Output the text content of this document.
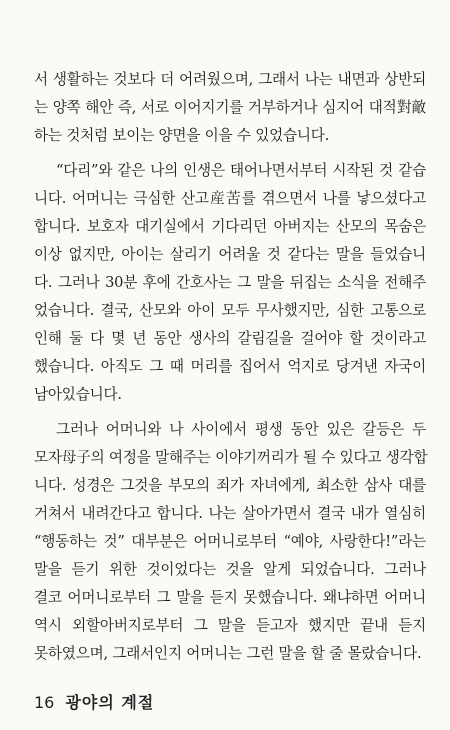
서 생활하는 것보다 더 어려웠으며, 그래서 나는 내면과 상반되
는 양쪽 해안 즉, 서로 이어지기를 거부하거나 심지어 대적對敵
하는 것처럼 보이는 양면을 이을 수 있었습니다.
“다리”와 같은 나의 인생은 태어나면서부터 시작된 것 같습
니다. 어머니는 극심한 산고産苦를 겪으면서 나를 낳으셨다고
합니다. 보호자 대기실에서 기다리던 아버지는 산모의 목숨은
이상 없지만, 아이는 살리기 어려울 것 같다는 말을 들었습니
다. 그러나 30분 후에 간호사는 그 말을 뒤집는 소식을 전해주
었습니다. 결국, 산모와 아이 모두 무사했지만, 심한 고통으로
인해 둘 다 몇 년 동안 생사의 갈림길을 걸어야 할 것이라고
했습니다. 아직도 그 때 머리를 집어서 억지로 당겨낸 자국이
남아있습니다.
그러나 어머니와 나 사이에서 평생 동안 있은 갈등은 두
모자母子의 여정을 말해주는 이야기꺼리가 될 수 있다고 생각합
니다. 성경은 그것을 부모의 죄가 자녀에게, 최소한 삼사 대를
거쳐서 내려간다고 합니다. 나는 살아가면서 결국 내가 열심히
“행동하는 것” 대부분은 어머니로부터 “예야, 사랑한다!”라는
말을 듣기 위한 것이었다는 것을 알게 되었습니다. 그러나
결코 어머니로부터 그 말을 듣지 못했습니다. 왜냐하면 어머니
역시 외할아버지로부터 그 말을 듣고자 했지만 끝내 듣지
못하였으며, 그래서인지 어머니는 그런 말을 할 줄 몰랐습니다.
16 광야의 계절
